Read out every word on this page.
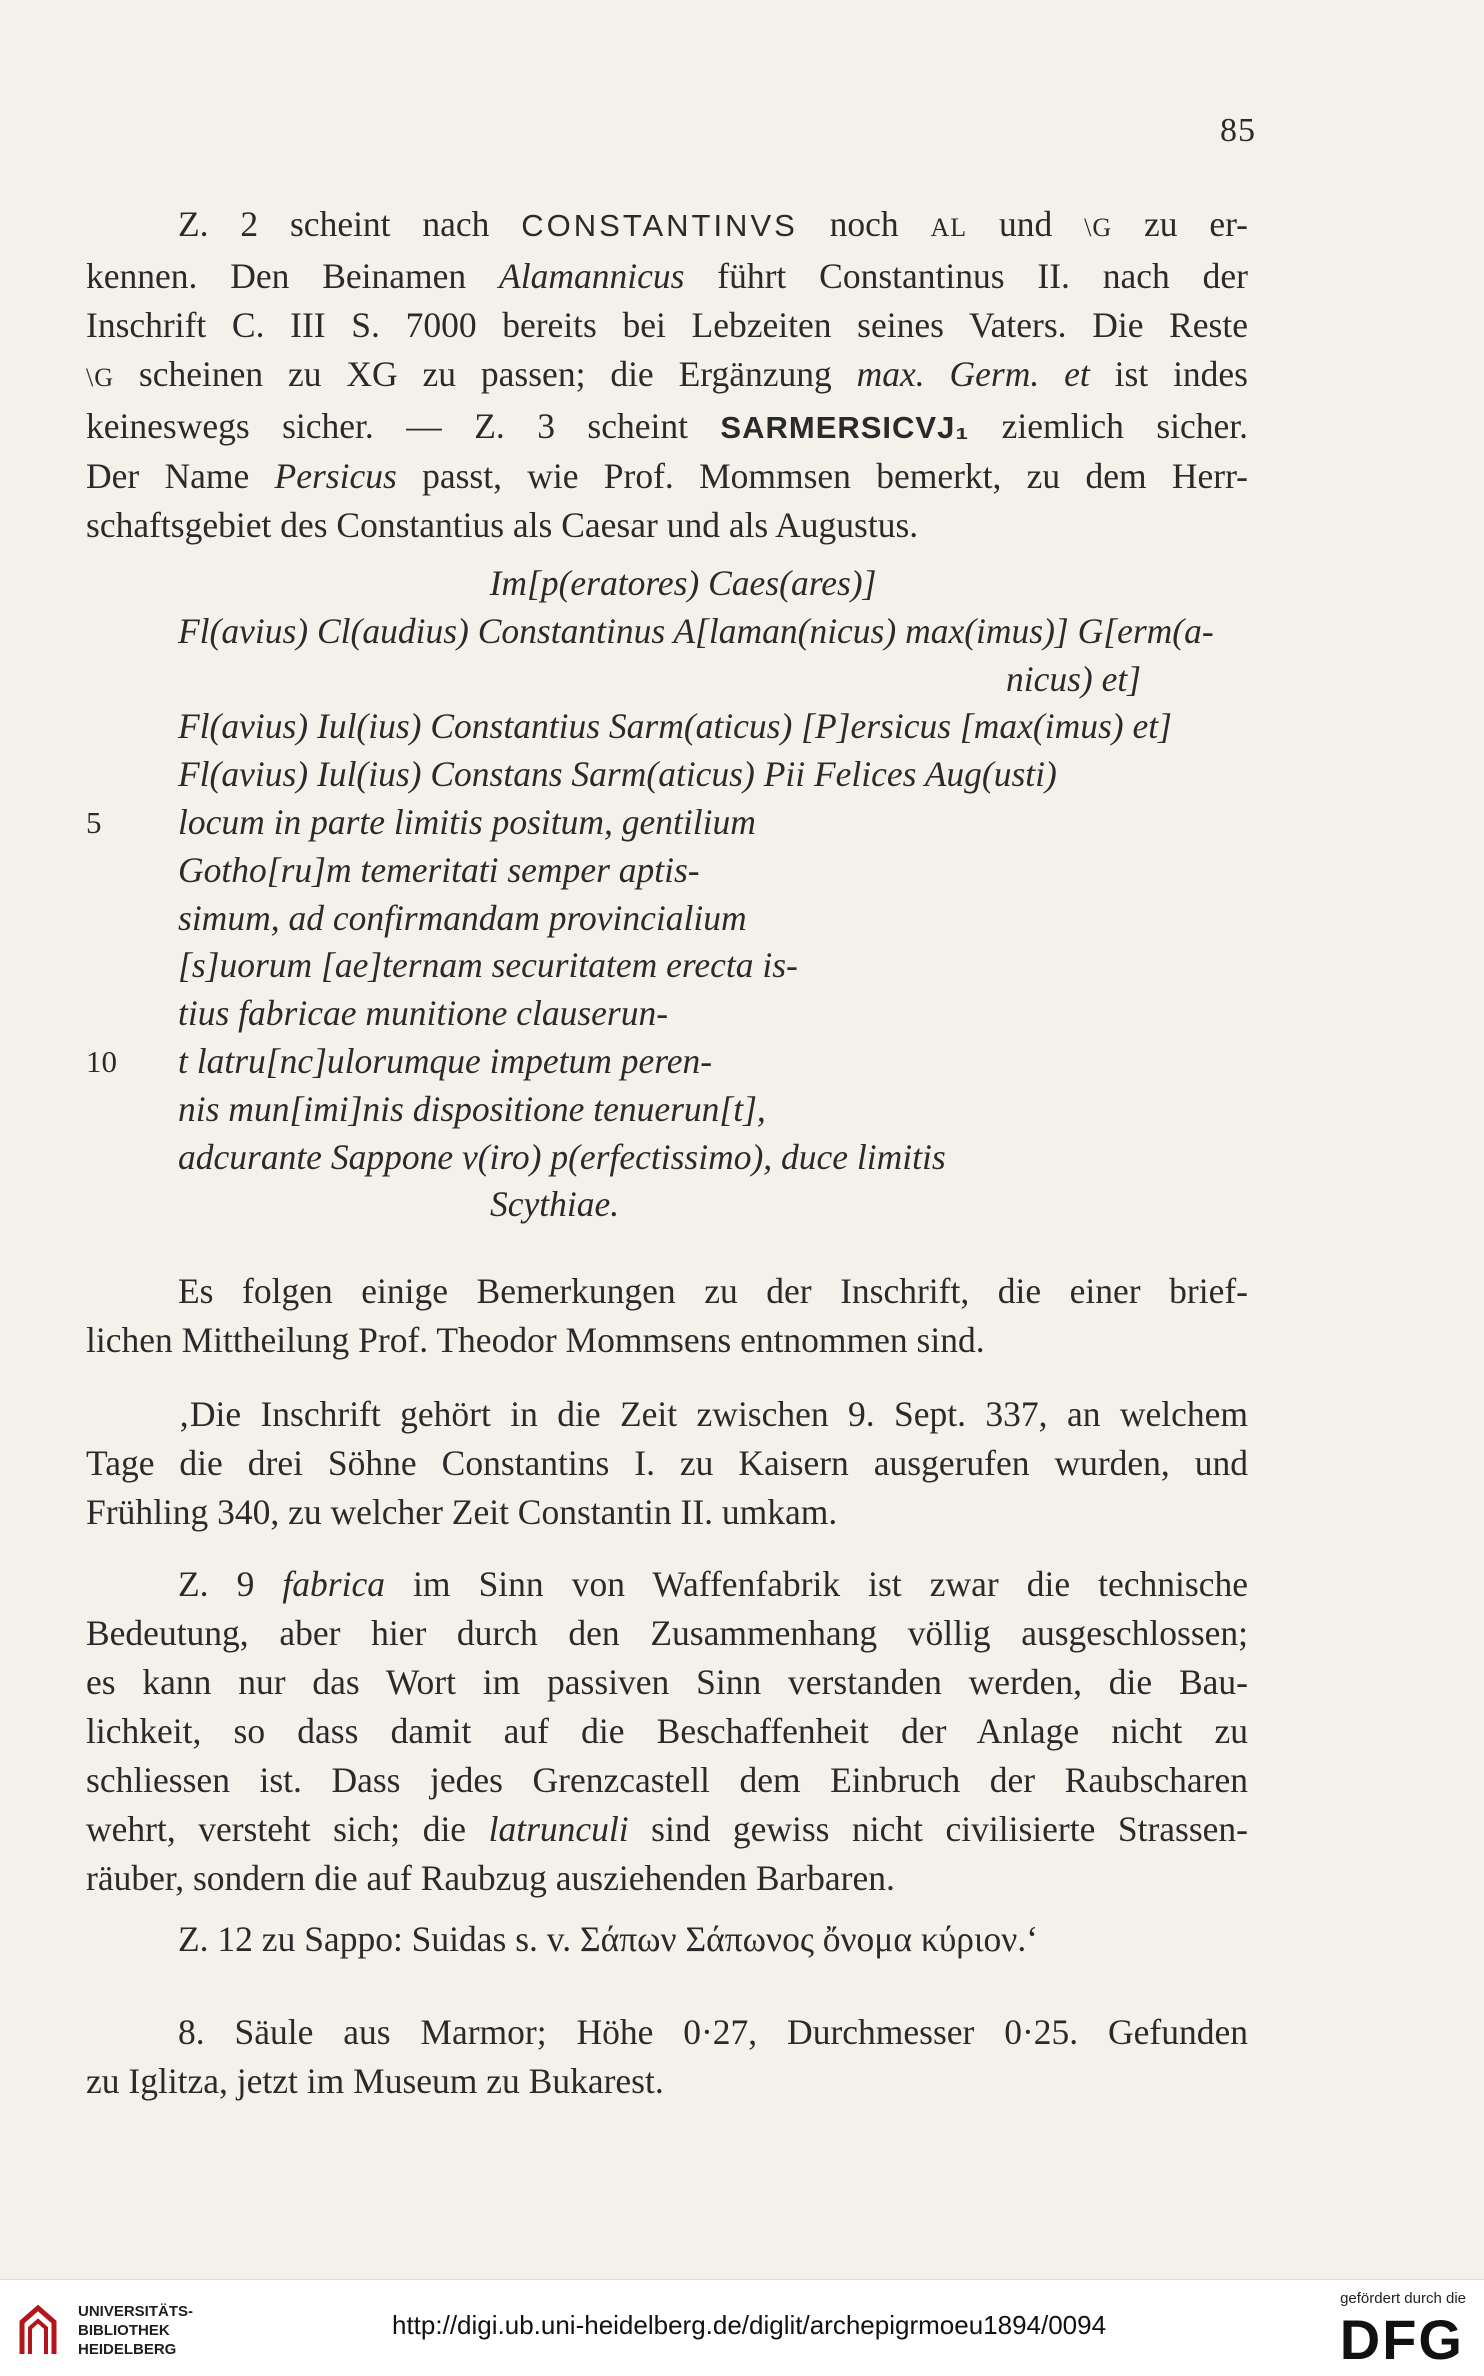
85
Z. 2 scheint nach CONSTANTINVS noch AL und \G zu er-
kennen. Den Beinamen Alamannicus führt Constantinus II. nach der
Inschrift C. III S. 7000 bereits bei Lebzeiten seines Vaters. Die Reste
\G scheinen zu XG zu passen; die Ergänzung max. Germ. et ist indes
keineswegs sicher. — Z. 3 scheint SARMERSICVJ₁ ziemlich sicher.
Der Name Persicus passt, wie Prof. Mommsen bemerkt, zu dem Herr-
schaftsgebiet des Constantius als Caesar und als Augustus.
Im[p(eratores) Caes(ares)]
Fl(avius) Cl(audius) Constantinus A[laman(nicus) max(imus)] G[erm(a-
nicus) et]
Fl(avius) Iul(ius) Constantius Sarm(aticus) [P]ersicus [max(imus) et]
Fl(avius) Iul(ius) Constans Sarm(aticus) Pii Felices Aug(usti)
5 locum in parte limitis positum, gentilium
Gotho[ru]m temeritati semper aptis-
simum, ad confirmandam provincialium
[s]uorum [ae]ternam securitatem erecta is-
tius fabricae munitione clauserun-
10 t latru[nc]ulorumque impetum peren-
nis mun[imi]nis dispositione tenuerun[t],
adcurante Sappone v(iro) p(erfectissimo), duce limitis
Scythiae.
Es folgen einige Bemerkungen zu der Inschrift, die einer brief-
lichen Mittheilung Prof. Theodor Mommsens entnommen sind.
‚Die Inschrift gehört in die Zeit zwischen 9. Sept. 337, an welchem
Tage die drei Söhne Constantins I. zu Kaisern ausgerufen wurden, und
Frühling 340, zu welcher Zeit Constantin II. umkam.
Z. 9 fabrica im Sinn von Waffenfabrik ist zwar die technische
Bedeutung, aber hier durch den Zusammenhang völlig ausgeschlossen;
es kann nur das Wort im passiven Sinn verstanden werden, die Bau-
lichkeit, so dass damit auf die Beschaffenheit der Anlage nicht zu
schliessen ist. Dass jedes Grenzcastell dem Einbruch der Raubscharen
wehrt, versteht sich; die latrunculi sind gewiss nicht civilisierte Strassen-
räuber, sondern die auf Raubzug ausziehenden Barbaren.
Z. 12 zu Sappo: Suidas s. v. Σάπων Σάπωνος ὄνομα κύριον.‘
8. Säule aus Marmor; Höhe 0·27, Durchmesser 0·25. Gefunden
zu Iglitza, jetzt im Museum zu Bukarest.
UNIVERSITÄTS-
BIBLIOTHEK
HEIDELBERG
http://digi.ub.uni-heidelberg.de/diglit/archepigrmoeu1894/0094
gefördert durch die
DFG
